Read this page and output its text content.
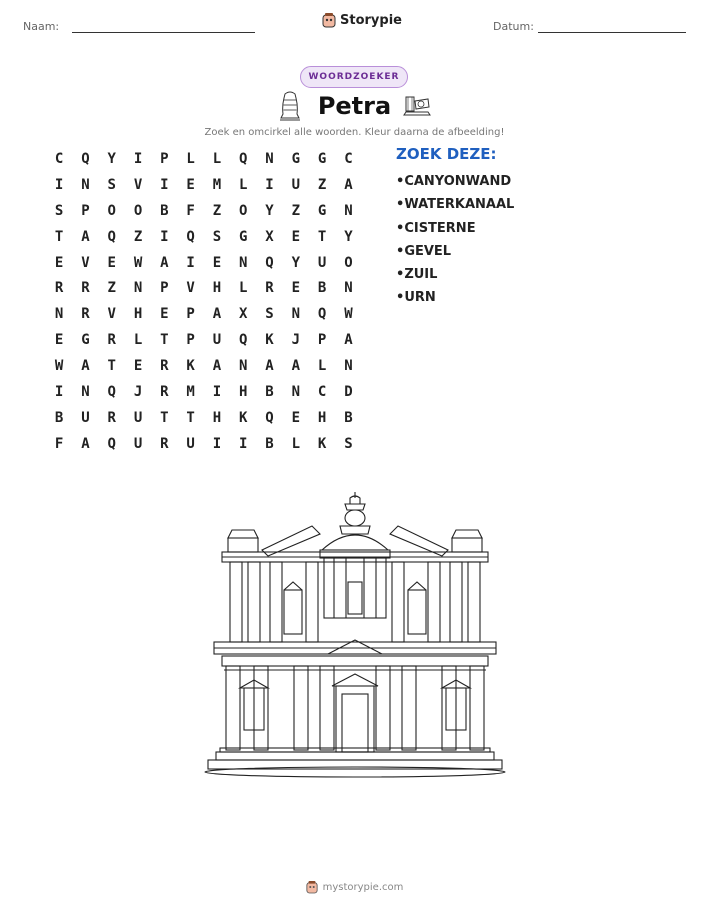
Naam:	Storypie	Datum:
WOORDZOEKER
Petra
Zoek en omcirkel alle woorden. Kleur daarna de afbeelding!
C	Q	Y	I	P	L	L	Q	N	G	G	C
I	N	S	V	I	E	M	L	I	U	Z	A
S	P	O	O	B	F	Z	O	Y	Z	G	N
T	A	Q	Z	I	Q	S	G	X	E	T	Y
E	V	E	W	A	I	E	N	Q	Y	U	O
R	R	Z	N	P	V	H	L	R	E	B	N
N	R	V	H	E	P	A	X	S	N	Q	W
E	G	R	L	T	P	U	Q	K	J	P	A
W	A	T	E	R	K	A	N	A	A	L	N
I	N	Q	J	R	M	I	H	B	N	C	D
B	U	R	U	T	T	H	K	Q	E	H	B
F	A	Q	U	R	U	I	I	B	L	K	S
ZOEK DEZE:
• CANYONWAND
• WATERKANAAL
• CISTERNE
• GEVEL
• ZUIL
• URN
mystorypie.com
